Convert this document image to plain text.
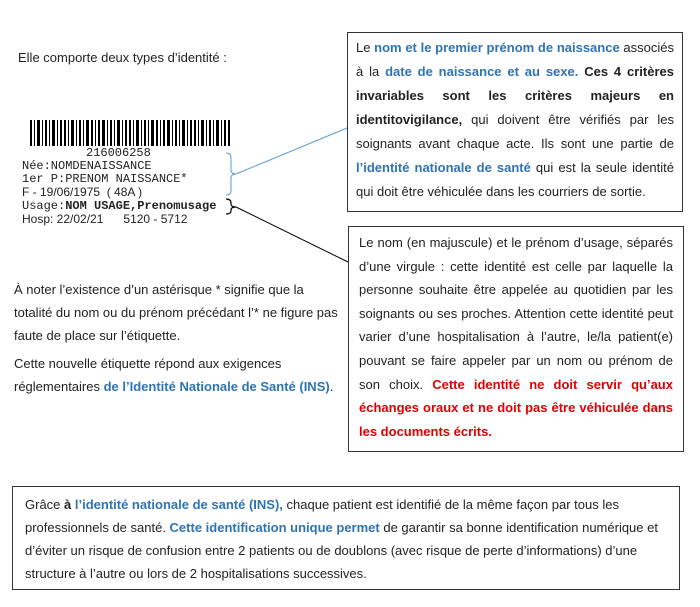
Elle comporte deux types d’identité :
216006258
Née:NOMDENAISSANCE
1er P:PRENOM NAISSANCE*
F - 19/06/1975  ( 48A )
Usage:NOM USAGE,Prenomusage
Hosp: 22/02/21      5120 - 5712
Le nom et le premier prénom de naissance associés à la date de naissance et au sexe. Ces 4 critères invariables sont les critères majeurs en identitovigilance, qui doivent être vérifiés par les soignants avant chaque acte. Ils sont une partie de l’identité nationale de santé qui est la seule identité qui doit être véhiculée dans les courriers de sortie.
Le nom (en majuscule) et le prénom d’usage, séparés d’une virgule : cette identité est celle par laquelle la personne souhaite être appelée au quotidien par les soignants ou ses proches. Attention cette identité peut varier d’une hospitalisation à l’autre, le/la patient(e) pouvant se faire appeler par un nom ou prénom de son choix. Cette identité ne doit servir qu’aux échanges oraux et ne doit pas être véhiculée dans les documents écrits.
À noter l’existence d’un astérisque * signifie que la totalité du nom ou du prénom précédant l’* ne figure pas faute de place sur l’étiquette.
Cette nouvelle étiquette répond aux exigences réglementaires de l’Identité Nationale de Santé (INS).
Grâce à l’identité nationale de santé (INS), chaque patient est identifié de la même façon par tous les professionnels de santé. Cette identification unique permet de garantir sa bonne identification numérique et d’éviter un risque de confusion entre 2 patients ou de doublons (avec risque de perte d’informations) d’une structure à l’autre ou lors de 2 hospitalisations successives.
